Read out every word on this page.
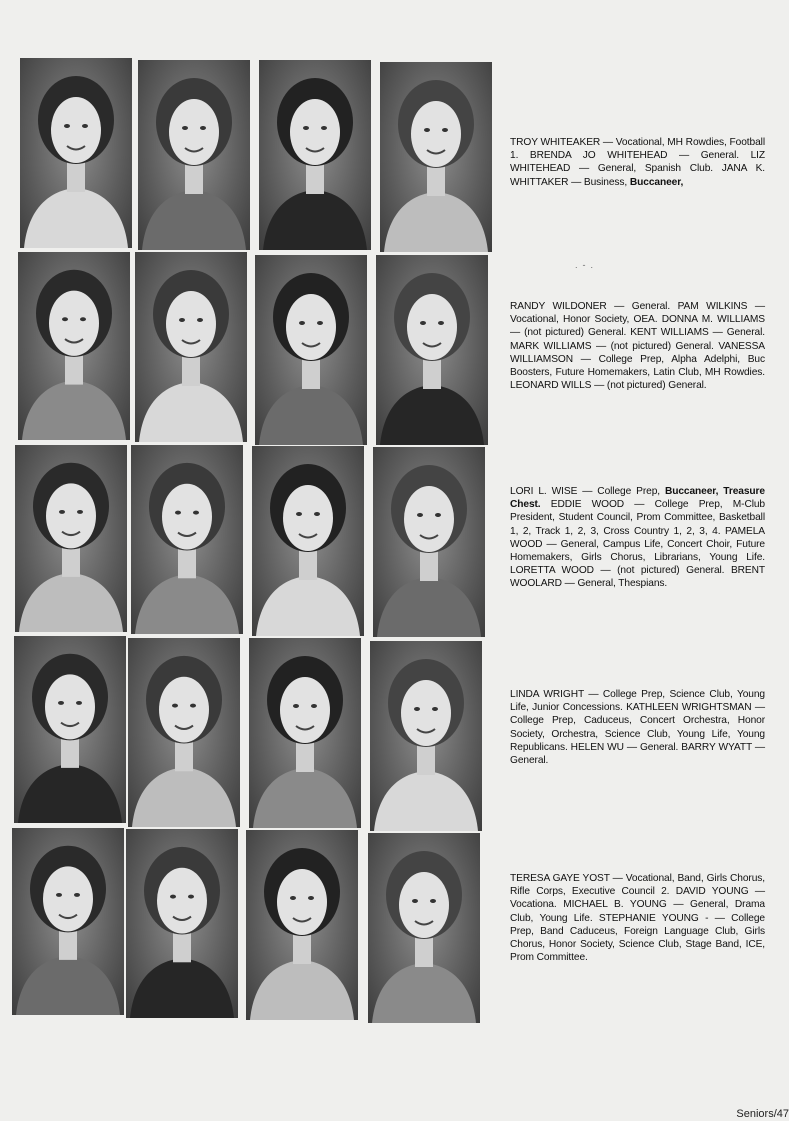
TROY WHITEAKER — Vocational, MH Rowdies, Football 1. BRENDA JO WHITEHEAD — General. LIZ WHITEHEAD — General, Spanish Club. JANA K. WHITTAKER — Business, Buccaneer,
.  -  .
RANDY WILDONER — General. PAM WILKINS — Vocational, Honor Society, OEA. DONNA M. WILLIAMS — (not pictured) General. KENT WILLIAMS — General. MARK WILLIAMS — (not pictured) General. VANESSA WILLIAMSON — College Prep, Alpha Adelphi, Buc Boosters, Future Homemakers, Latin Club, MH Rowdies. LEONARD WILLS — (not pictured) General.
LORI L. WISE — College Prep, Buccaneer, Treasure Chest. EDDIE WOOD — College Prep, M-Club President, Student Council, Prom Committee, Basketball 1, 2, Track 1, 2, 3, Cross Country 1, 2, 3, 4. PAMELA WOOD — General, Campus Life, Concert Choir, Future Homemakers, Girls Chorus, Librarians, Young Life. LORETTA WOOD — (not pictured) General. BRENT WOOLARD — General, Thespians.
LINDA WRIGHT — College Prep, Science Club, Young Life, Junior Concessions. KATHLEEN WRIGHTSMAN — College Prep, Caduceus, Concert Orchestra, Honor Society, Orchestra, Science Club, Young Life, Young Republicans. HELEN WU — General. BARRY WYATT — General.
TERESA GAYE YOST — Vocational, Band, Girls Chorus, Rifle Corps, Executive Council 2. DAVID YOUNG — Vocationa. MICHAEL B. YOUNG — General, Drama Club, Young Life. STEPHANIE YOUNG - — College Prep, Band Caduceus, Foreign Language Club, Girls Chorus, Honor Society, Science Club, Stage Band, ICE, Prom Committee.
Seniors/47
